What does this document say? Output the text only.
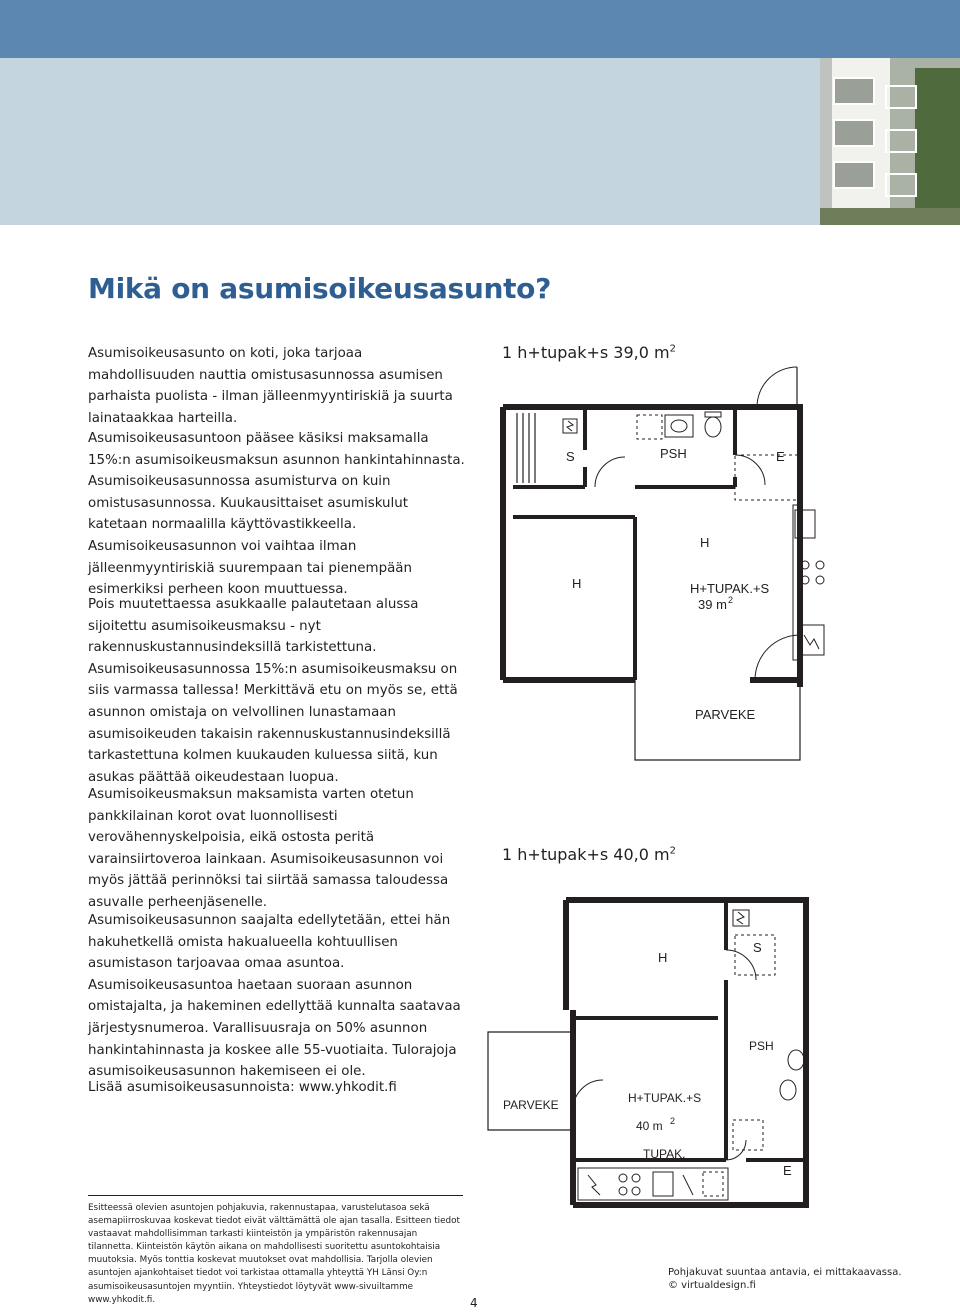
Mikä on asumisoikeusasunto?

Asumisoikeusasunto on koti, joka tarjoaa mahdollisuuden nauttia omistusasunnossa asumisen parhaista puolista - ilman jälleenmyyntiriskiä ja suurta lainataakkaa harteilla.

Asumisoikeusasuntoon pääsee käsiksi maksamalla 15%:n asumisoikeusmaksun asunnon hankintahinnasta. Asumisoikeusasunnossa asumisturva on kuin omistusasunnossa. Kuukausittaiset asumiskulut katetaan normaalilla käyttövastikkeella. Asumisoikeusasunnon voi vaihtaa ilman jälleenmyyntiriskiä suurempaan tai pienempään esimerkiksi perheen koon muuttuessa.

Pois muutettaessa asukkaalle palautetaan alussa sijoitettu asumisoikeusmaksu - nyt rakennuskustannusindeksillä tarkistettuna. Asumisoikeusasunnossa 15%:n asumisoikeusmaksu on siis varmassa tallessa! Merkittävä etu on myös se, että asunnon omistaja on velvollinen lunastamaan asumisoikeuden takaisin rakennuskustannusindeksillä tarkastettuna kolmen kuukauden kuluessa siitä, kun asukas päättää oikeudestaan luopua.

Asumisoikeusmaksun maksamista varten otetun pankkilainan korot ovat luonnollisesti verovähennyskelpoisia, eikä ostosta peritä varainsiirtoveroa lainkaan. Asumisoikeusasunnon voi myös jättää perinnöksi tai siirtää samassa taloudessa asuvalle perheenjäsenelle.

Asumisoikeusasunnon saajalta edellytetään, ettei hän hakuhetkellä omista hakualueella kohtuullisen asumistason tarjoavaa omaa asuntoa. Asumisoikeusasuntoa haetaan suoraan asunnon omistajalta, ja hakeminen edellyttää kunnalta saatavaa järjestysnumeroa. Varallisuusraja on 50% asunnon hankintahinnasta ja koskee alle 55-vuotiaita. Tulorajoja asumisoikeusasunnon hakemiseen ei ole.

Lisää asumisoikeusasunnoista: www.yhkodit.fi

1 h+tupak+s 39,0 $m^2$
S	PSH	E
H
H
H+TUPAK.+S
39 m 2
PARVEKE
1 h+tupak+s 40,0 $m^2$
H
S
PSH
PARVEKE	H+TUPAK.+S
40 m 2
TUPAK.
E

Esitteessä olevien asuntojen pohjakuvia, rakennustapaa, varustelutasoa sekä asemapiirroskuvaa koskevat tiedot eivät välttämättä ole ajan tasalla. Esitteen tiedot vastaavat mahdollisimman tarkasti kiinteistön ja ympäristön rakennusajan tilannetta. Kiinteistön käytön aikana on mahdollisesti suoritettu asuntokohtaisia muutoksia. Myös tonttia koskevat muutokset ovat mahdollisia. Tarjolla olevien asuntojen ajankohtaiset tiedot voi tarkistaa ottamalla yhteyttä YH Länsi Oy:n asumisoikeusasuntojen myyntiin. Yhteystiedot löytyvät www-sivuiltamme www.yhkodit.fi.

Pohjakuvat suuntaa antavia, ei mittakaavassa.
© virtualdesign.fi
4
